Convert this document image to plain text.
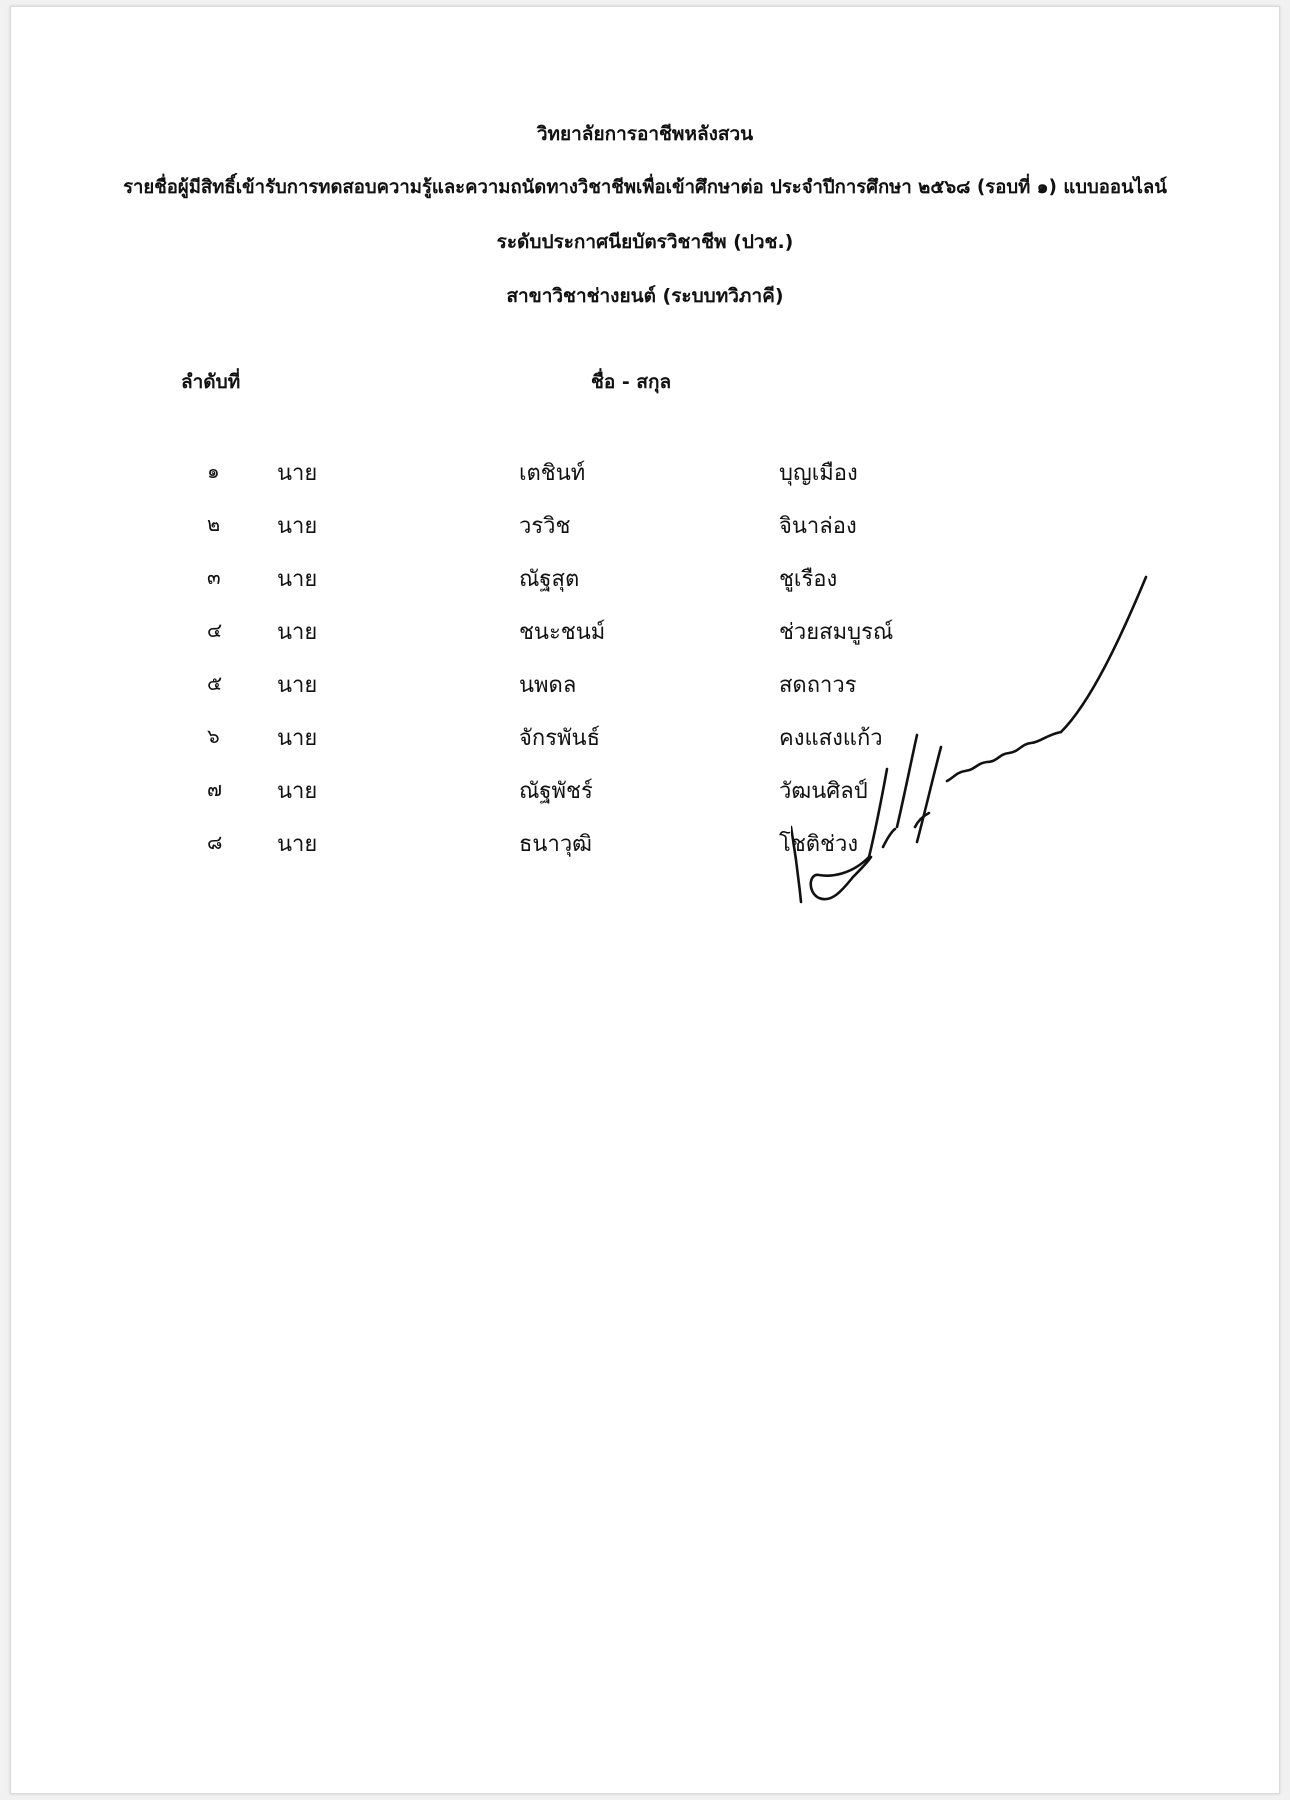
วิทยาลัยการอาชีพหลังสวน
รายชื่อผู้มีสิทธิ์เข้ารับการทดสอบความรู้และความถนัดทางวิชาชีพเพื่อเข้าศึกษาต่อ ประจำปีการศึกษา ๒๕๖๘ (รอบที่ ๑) แบบออนไลน์
ระดับประกาศนียบัตรวิชาชีพ (ปวช.)
สาขาวิชาช่างยนต์ (ระบบทวิภาคี)
ลำดับที่	ชื่อ - สกุล
๑	นาย	เตชินท์	บุญเมือง
๒	นาย	วรวิช	จินาล่อง
๓	นาย	ณัฐสุต	ชูเรือง
๔ นาย	ชนะชนม์	ช่วยสมบูรณ์
๕ นาย	นพดล	สดถาวร
๖	นาย	จักรพันธ์	คงแสงแก้ว
๗ นาย	ณัฐพัชร์	วัฒนศิลป์
๘ นาย	ธนาวุฒิ	โชติช่วง
